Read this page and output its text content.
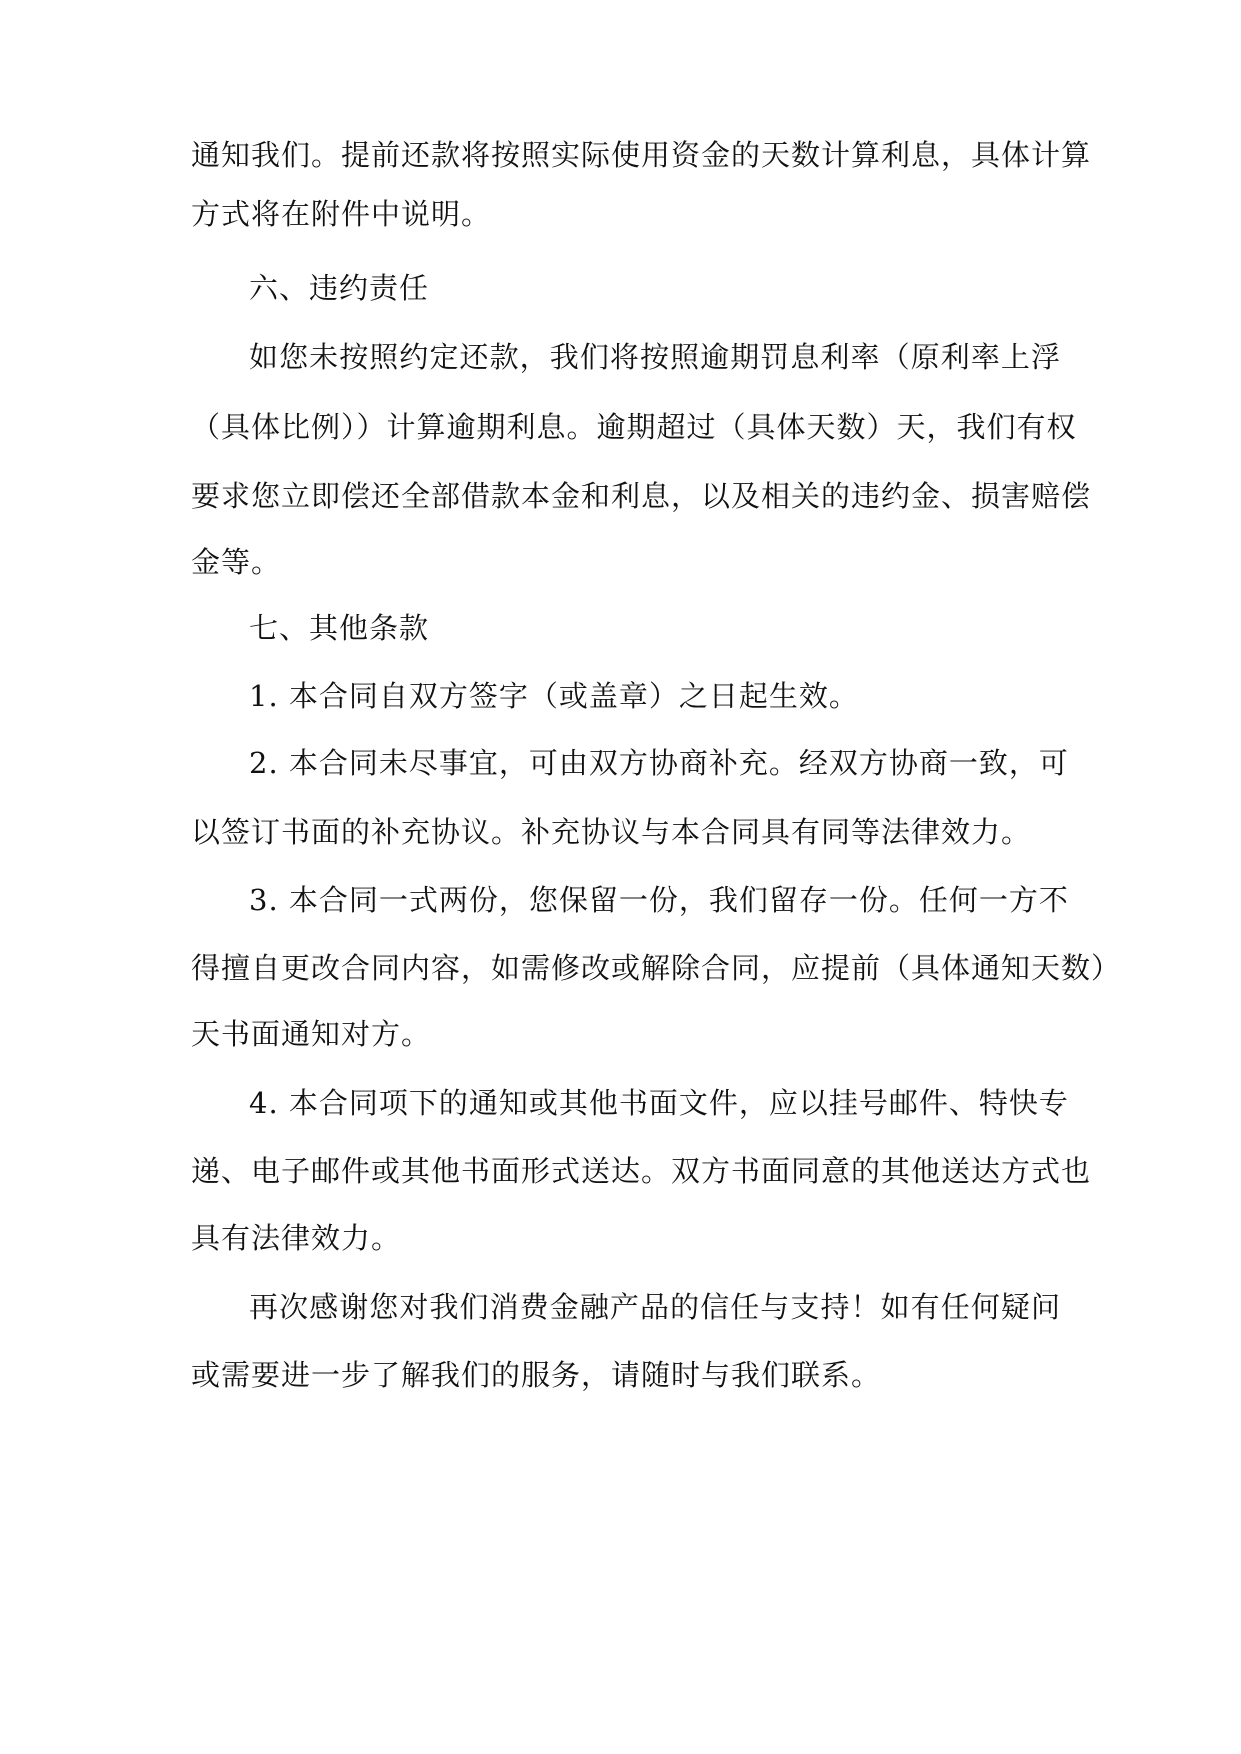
通知我们。提前还款将按照实际使用资金的天数计算利息，具体计算
方式将在附件中说明。
六、违约责任
如您未按照约定还款，我们将按照逾期罚息利率（原利率上浮
（具体比例））计算逾期利息。逾期超过（具体天数）天，我们有权
要求您立即偿还全部借款本金和利息，以及相关的违约金、损害赔偿
金等。
七、其他条款
1. 本合同自双方签字（或盖章）之日起生效。
2. 本合同未尽事宜，可由双方协商补充。经双方协商一致，可
以签订书面的补充协议。补充协议与本合同具有同等法律效力。
3. 本合同一式两份，您保留一份，我们留存一份。任何一方不
得擅自更改合同内容，如需修改或解除合同，应提前（具体通知天数）
天书面通知对方。
4. 本合同项下的通知或其他书面文件，应以挂号邮件、特快专
递、电子邮件或其他书面形式送达。双方书面同意的其他送达方式也
具有法律效力。
再次感谢您对我们消费金融产品的信任与支持！如有任何疑问
或需要进一步了解我们的服务，请随时与我们联系。
